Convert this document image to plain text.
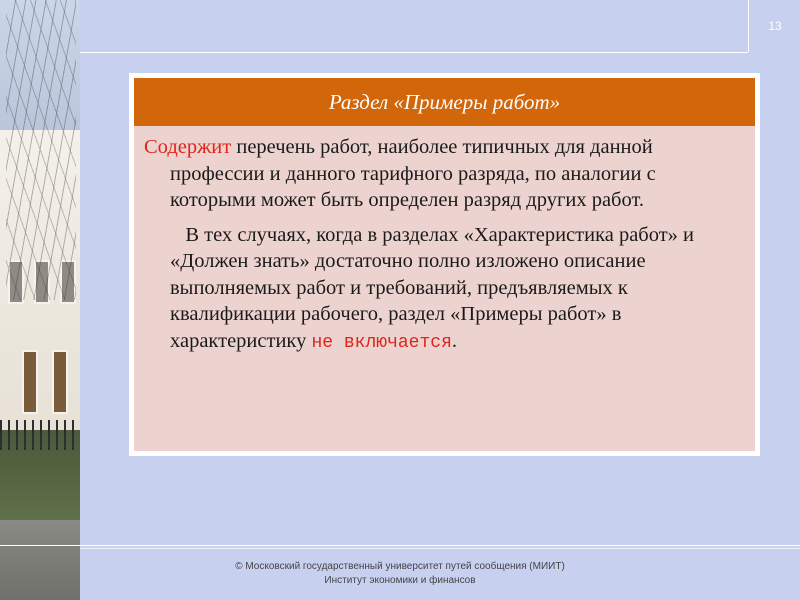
13
Раздел «Примеры работ»

Содержит перечень работ, наиболее типичных для данной профессии и данного тарифного разряда, по аналогии с которыми может быть определен разряд других работ.

В тех случаях, когда в разделах «Характеристика работ» и «Должен знать» достаточно полно изложено описание выполняемых работ и требований, предъявляемых к квалификации рабочего, раздел «Примеры работ» в характеристику не включается.

© Московский государственный университет путей сообщения (МИИТ)
Институт экономики и финансов
